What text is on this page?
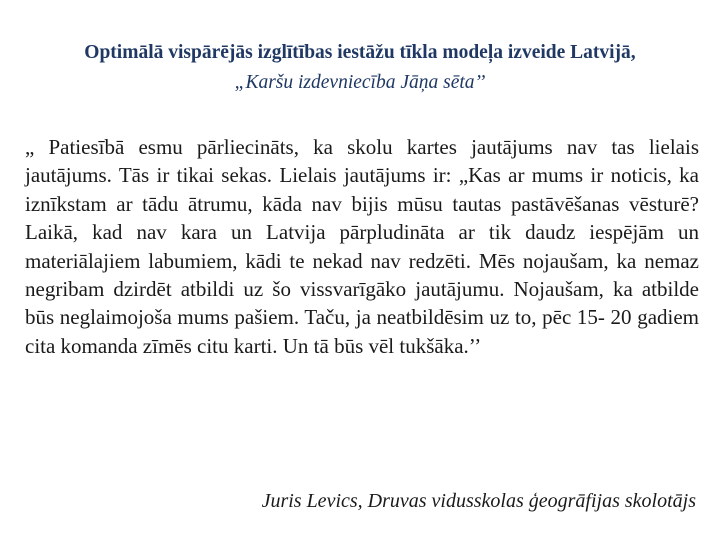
Optimālā vispārējās izglītības iestāžu tīkla modeļa izveide Latvijā,

„Karšu izdevniecība Jāņa sēta’’

„ Patiesībā esmu pārliecināts, ka skolu kartes jautājums nav tas lielais jautājums. Tās ir tikai sekas. Lielais jautājums ir: „Kas ar mums ir noticis, ka iznīkstam ar tādu ātrumu, kāda nav bijis mūsu tautas pastāvēšanas vēsturē? Laikā, kad nav kara un Latvija pārpludināta ar tik daudz iespējām un materiālajiem labumiem, kādi te nekad nav redzēti. Mēs nojaušam, ka nemaz negribam dzirdēt atbildi uz šo vissvarīgāko jautājumu. Nojaušam, ka atbilde būs neglaimojoša mums pašiem. Taču, ja neatbildēsim uz to, pēc 15- 20 gadiem cita komanda zīmēs citu karti. Un tā būs vēl tukšāka.’’

Juris Levics, Druvas vidusskolas ģeogrāfijas skolotājs
